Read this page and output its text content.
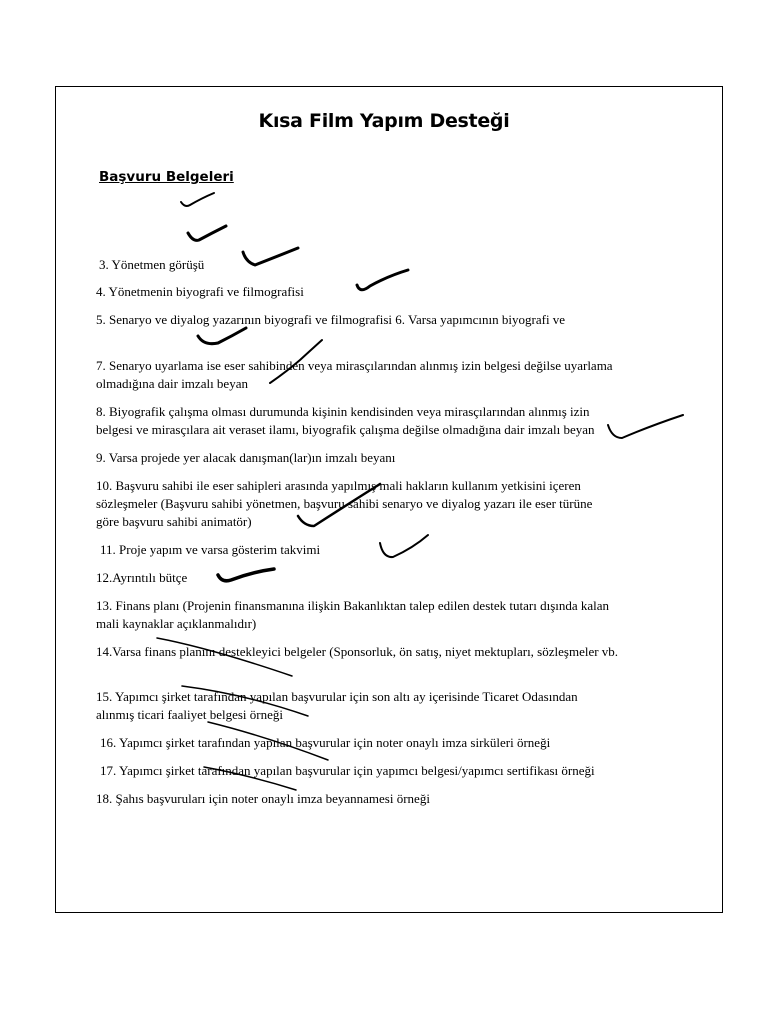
Kısa Film Yapım Desteği
Başvuru Belgeleri
3. Yönetmen görüşü
4. Yönetmenin biyografi ve filmografisi
5. Senaryo ve diyalog yazarının biyografi ve filmografisi 6. Varsa yapımcının biyografi ve
7. Senaryo uyarlama ise eser sahibinden veya mirasçılarından alınmış izin belgesi değilse uyarlama
olmadığına dair imzalı beyan
8. Biyografik çalışma olması durumunda kişinin kendisinden veya mirasçılarından alınmış izin
belgesi ve mirasçılara ait veraset ilamı, biyografik çalışma değilse olmadığına dair imzalı beyan
9. Varsa projede yer alacak danışman(lar)ın imzalı beyanı
10. Başvuru sahibi ile eser sahipleri arasında yapılmış mali hakların kullanım yetkisini içeren
sözleşmeler (Başvuru sahibi yönetmen, başvuru sahibi senaryo ve diyalog yazarı ile eser türüne
göre başvuru sahibi animatör)
11. Proje yapım ve varsa gösterim takvimi
12.Ayrıntılı bütçe
13. Finans planı (Projenin finansmanına ilişkin Bakanlıktan talep edilen destek tutarı dışında kalan
mali kaynaklar açıklanmalıdır)
14.Varsa finans planını destekleyici belgeler (Sponsorluk, ön satış, niyet mektupları, sözleşmeler vb.
15. Yapımcı şirket tarafından yapılan başvurular için son altı ay içerisinde Ticaret Odasından
alınmış ticari faaliyet belgesi örneği
16. Yapımcı şirket tarafından yapılan başvurular için noter onaylı imza sirküleri örneği
17. Yapımcı şirket tarafından yapılan başvurular için yapımcı belgesi/yapımcı sertifikası örneği
18. Şahıs başvuruları için noter onaylı imza beyannamesi örneği
